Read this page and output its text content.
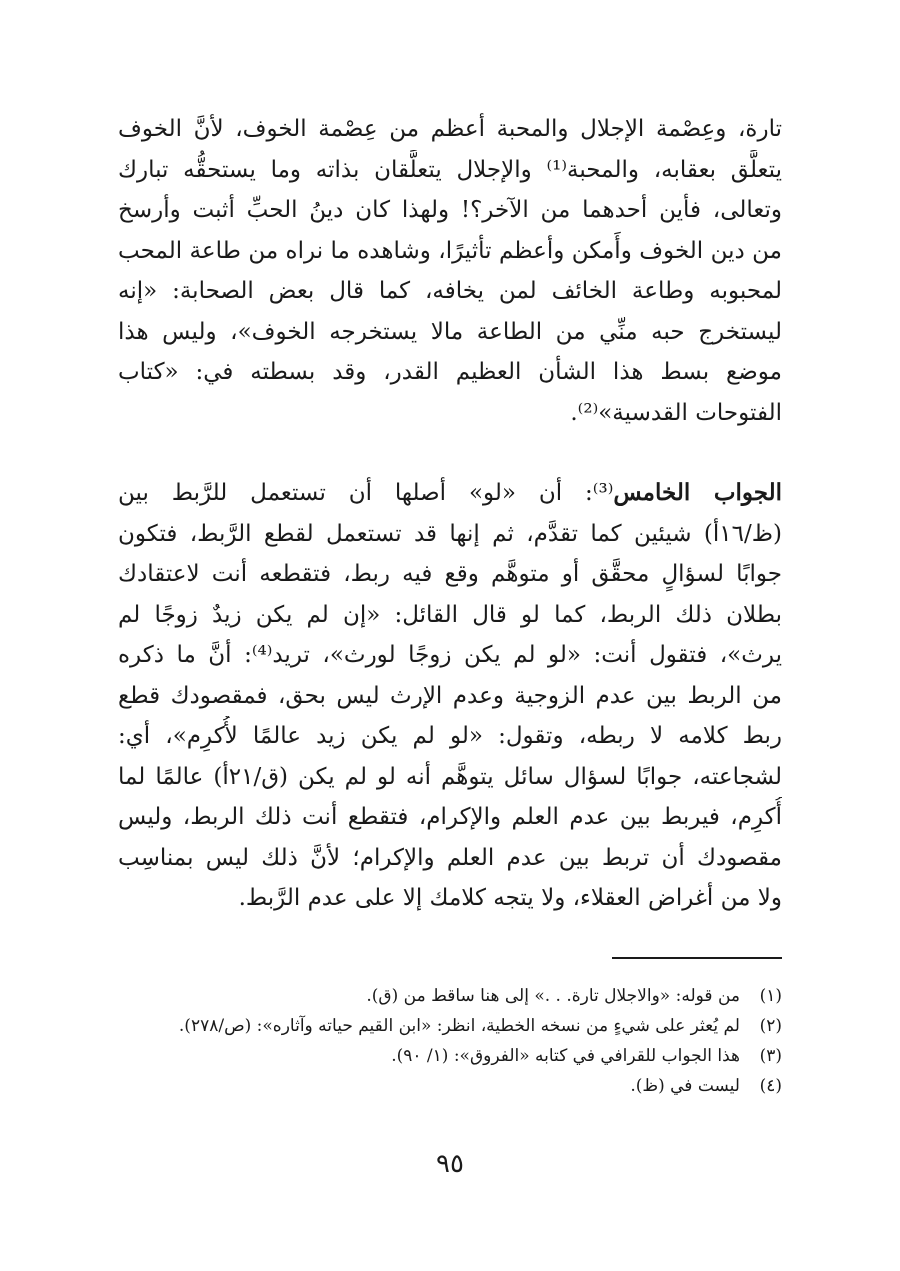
تارة، وعِصْمة الإجلال والمحبة أعظم من عِصْمة الخوف، لأنَّ الخوف
يتعلَّق بعقابه، والمحبة⁽¹⁾ والإجلال يتعلَّقان بذاته وما يستحقُّه تبارك
وتعالى، فأين أحدهما من الآخر؟! ولهذا كان دينُ الحبِّ أثبت وأرسخ
من دين الخوف وأَمكن وأعظم تأثيرًا، وشاهده ما نراه من طاعة المحب
لمحبوبه وطاعة الخائف لمن يخافه، كما قال بعض الصحابة: «إنه
ليستخرج حبه منِّي من الطاعة مالا يستخرجه الخوف»، وليس هذا
موضع بسط هذا الشأن العظيم القدر، وقد بسطته في: «كتاب
الفتوحات القدسية»⁽²⁾.
الجواب الخامس⁽³⁾: أن «لو» أصلها أن تستعمل للرَّبط بين
(ظ/١٦أ) شيئين كما تقدَّم، ثم إنها قد تستعمل لقطع الرَّبط، فتكون
جوابًا لسؤالٍ محقَّق أو متوهَّم وقع فيه ربط، فتقطعه أنت لاعتقادك
بطلان ذلك الربط، كما لو قال القائل: «إن لم يكن زيدٌ زوجًا لم
يرث»، فتقول أنت: «لو لم يكن زوجًا لورث»، تريد⁽⁴⁾: أنَّ ما ذكره
من الربط بين عدم الزوجية وعدم الإرث ليس بحق، فمقصودك قطع
ربط كلامه لا ربطه، وتقول: «لو لم يكن زيد عالمًا لأُكرِم»، أي:
لشجاعته، جوابًا لسؤال سائل يتوهَّم أنه لو لم يكن (ق/٢١أ) عالمًا لما
أُكرِم، فيربط بين عدم العلم والإكرام، فتقطع أنت ذلك الربط، وليس
مقصودك أن تربط بين عدم العلم والإكرام؛ لأنَّ ذلك ليس بمناسِب
ولا من أغراض العقلاء، ولا يتجه كلامك إلا على عدم الرَّبط.
(١)من قوله: «والاجلال تارة. . .» إلى هنا ساقط من (ق).
(٢)لم يُعثر على شيءٍ من نسخه الخطية، انظر: «ابن القيم حياته وآثاره»: (ص/٢٧٨).
(٣)هذا الجواب للقرافي في كتابه «الفروق»: (١/ ٩٠).
(٤)ليست في (ظ).
٩٥
